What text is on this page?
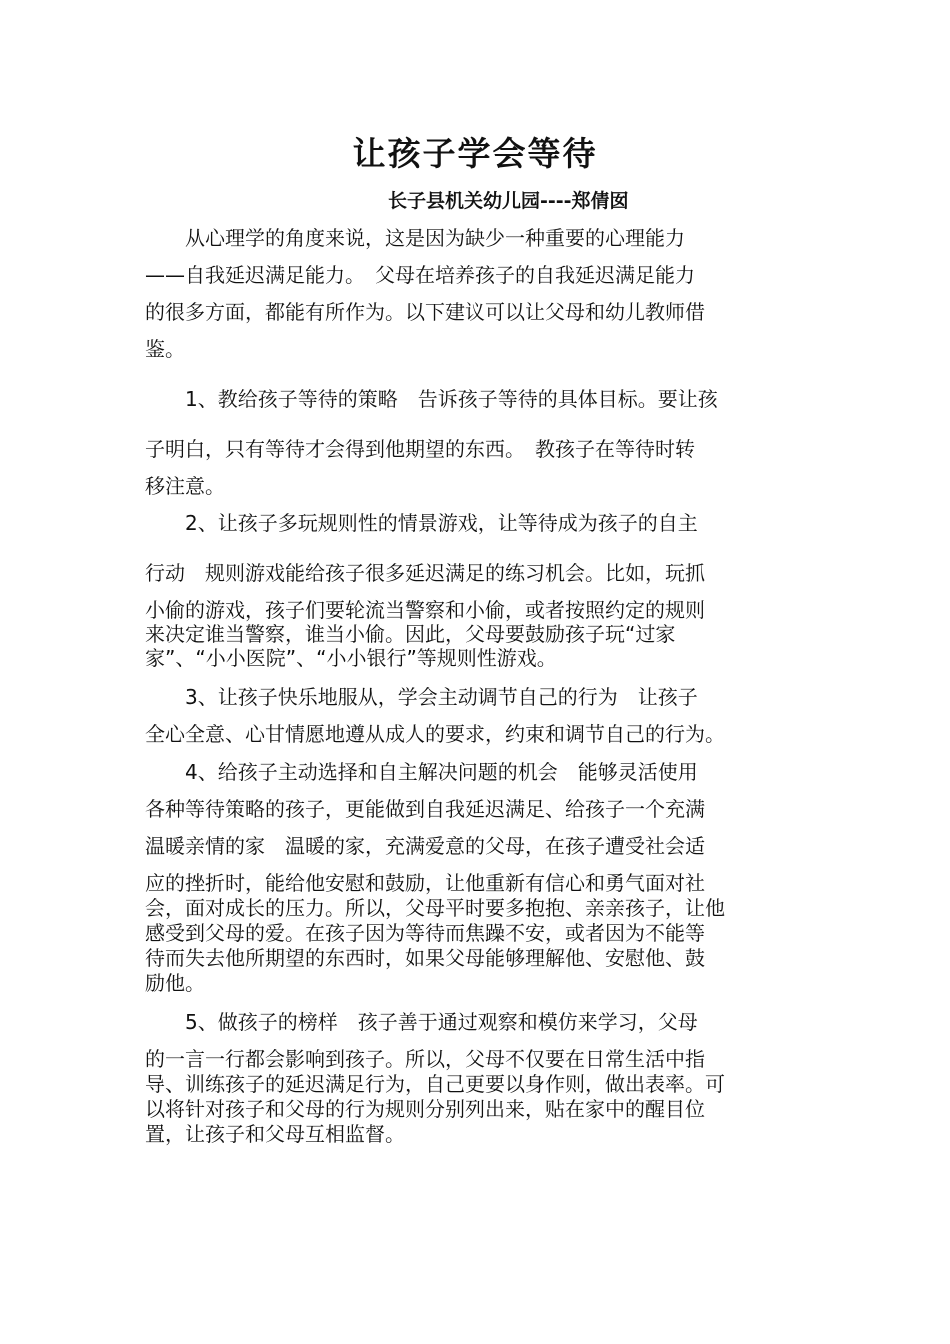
让孩子学会等待
长子县机关幼儿园----郑倩囡
　　从心理学的角度来说，这是因为缺少一种重要的心理能力
——自我延迟满足能力。　父母在培养孩子的自我延迟满足能力
的很多方面，都能有所作为。以下建议可以让父母和幼儿教师借
鉴。
　　1、教给孩子等待的策略　告诉孩子等待的具体目标。要让孩
子明白，只有等待才会得到他期望的东西。　教孩子在等待时转
移注意。
　　2、让孩子多玩规则性的情景游戏，让等待成为孩子的自主
行动　规则游戏能给孩子很多延迟满足的练习机会。比如，玩抓
小偷的游戏，孩子们要轮流当警察和小偷，或者按照约定的规则
来决定谁当警察，谁当小偷。因此，父母要鼓励孩子玩“过家
家”、“小小医院”、“小小银行”等规则性游戏。
　　3、让孩子快乐地服从，学会主动调节自己的行为　让孩子
全心全意、心甘情愿地遵从成人的要求，约束和调节自己的行为。
　　4、给孩子主动选择和自主解决问题的机会　能够灵活使用
各种等待策略的孩子，更能做到自我延迟满足、给孩子一个充满
温暖亲情的家　温暖的家，充满爱意的父母，在孩子遭受社会适
应的挫折时，能给他安慰和鼓励，让他重新有信心和勇气面对社
会，面对成长的压力。所以，父母平时要多抱抱、亲亲孩子，让他
感受到父母的爱。在孩子因为等待而焦躁不安，或者因为不能等
待而失去他所期望的东西时，如果父母能够理解他、安慰他、鼓
励他。
　　5、做孩子的榜样　孩子善于通过观察和模仿来学习，父母
的一言一行都会影响到孩子。所以，父母不仅要在日常生活中指
导、训练孩子的延迟满足行为，自己更要以身作则，做出表率。可
以将针对孩子和父母的行为规则分别列出来，贴在家中的醒目位
置，让孩子和父母互相监督。
